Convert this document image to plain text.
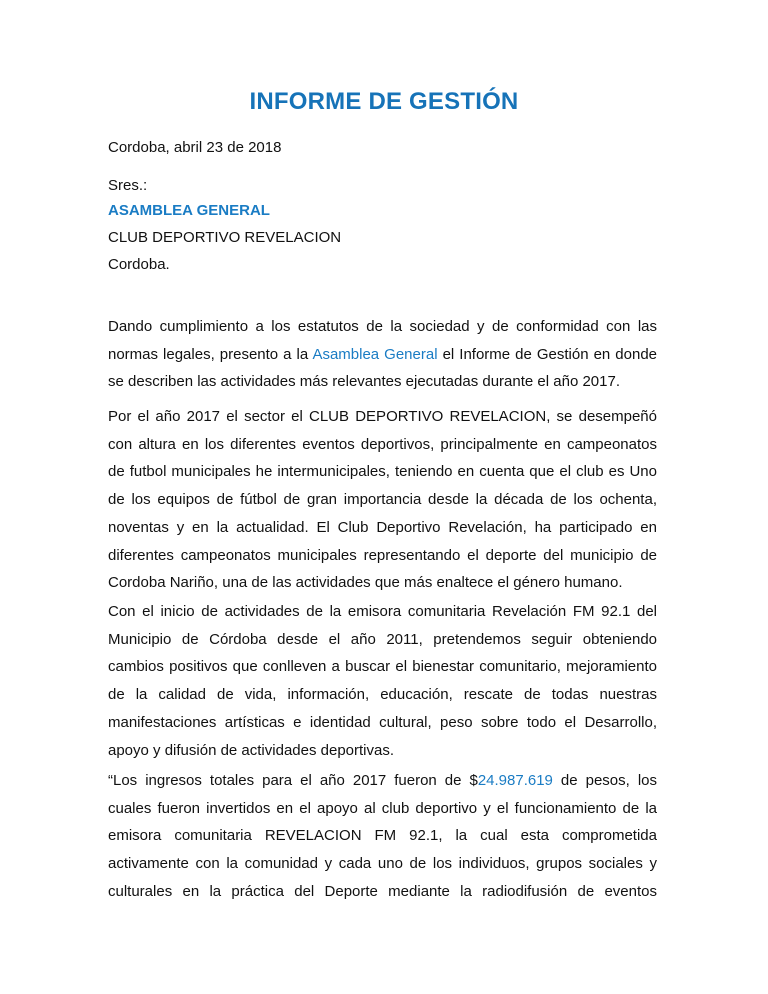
INFORME DE GESTIÓN
Cordoba, abril 23 de 2018
Sres.:
ASAMBLEA GENERAL
CLUB DEPORTIVO REVELACION
Cordoba.

Dando cumplimiento a los estatutos de la sociedad y de conformidad con las normas legales, presento a la Asamblea General el Informe de Gestión en donde se describen las actividades más relevantes ejecutadas durante el año 2017.

Por el año 2017 el sector el CLUB DEPORTIVO REVELACION, se desempeñó con altura en los diferentes eventos deportivos, principalmente en campeonatos de futbol municipales he intermunicipales, teniendo en cuenta que el club es Uno de los equipos de fútbol de gran importancia desde la década de los ochenta, noventas y en la actualidad. El Club Deportivo Revelación, ha participado en diferentes campeonatos municipales representando el deporte del municipio de Cordoba Nariño, una de las actividades que más enaltece el género humano.

Con el inicio de actividades de la emisora comunitaria Revelación FM 92.1 del Municipio de Córdoba desde el año 2011, pretendemos seguir obteniendo cambios positivos que conlleven a buscar el bienestar comunitario, mejoramiento de la calidad de vida, información, educación, rescate de todas nuestras manifestaciones artísticas e identidad cultural, peso sobre todo el Desarrollo, apoyo y difusión de actividades deportivas.

“Los ingresos totales para el año 2017 fueron de $24.987.619 de pesos, los cuales fueron invertidos en el apoyo al club deportivo y el funcionamiento de la emisora comunitaria REVELACION FM 92.1, la cual esta comprometida activamente con la comunidad y cada uno de los individuos, grupos sociales y culturales en la práctica del Deporte mediante la radiodifusión de eventos
